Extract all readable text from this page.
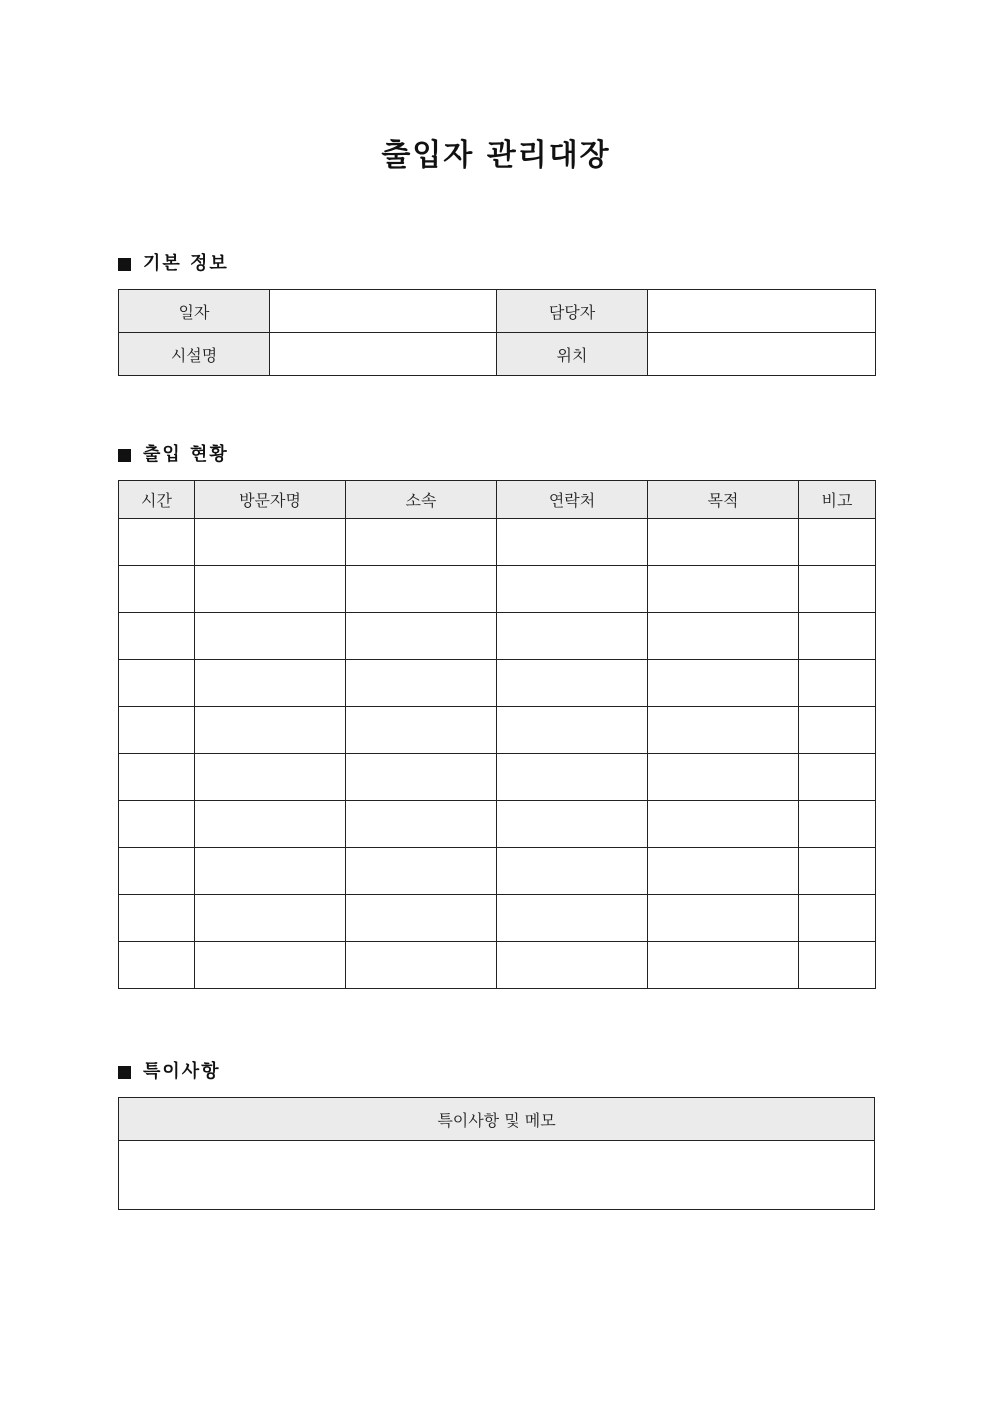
출입자 관리대장
기본 정보
일자		담당자	
시설명		위치	
출입 현황
시간	방문자명	소속	연락처	목적	비고

특이사항
특이사항 및 메모
